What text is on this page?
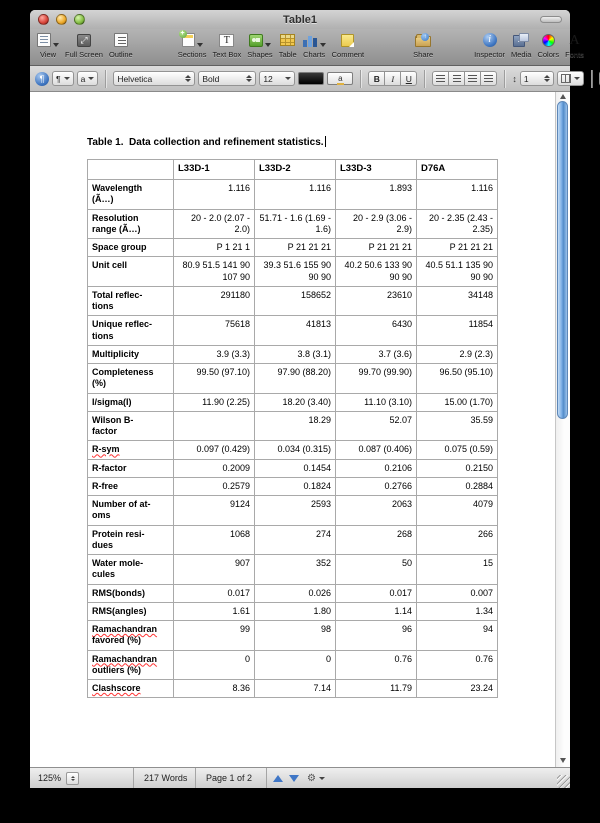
Table1
View
⤢ Full Screen Outline
+	Sections
T Text Box Shapes Table Charts Comment
↑	Share
i	Inspector
♪ Media Colors
A Fonts
¶	¶ a	Helvetica	Bold	12 a	B	I	U	↕ 1
Table 1.  Data collection and refinement statistics.
	L33D-1	L33D-2	L33D-3	D76A
Wavelength
(Ã…)	1.116	1.116	1.893	1.116
Resolution
range (Ã…)	20 - 2.0 (2.07 - 2.0)	51.71 - 1.6 (1.69 - 1.6)	20 - 2.9 (3.06 - 2.9)	20 - 2.35 (2.43 - 2.35)
Space group	P 1 21 1	P 21 21 21	P 21 21 21	P 21 21 21
Unit cell	80.9 51.5 141 90 107 90	39.3 51.6 155 90 90 90	40.2 50.6 133 90 90 90	40.5 51.1 135 90 90 90
Total reflec-
tions	291180	158652	23610	34148
Unique reflec-
tions	75618	41813	6430	11854
Multiplicity	3.9 (3.3)	3.8 (3.1)	3.7 (3.6)	2.9 (2.3)
Completeness
(%)	99.50 (97.10)	97.90 (88.20)	99.70 (99.90)	96.50 (95.10)
I/sigma(I)	11.90 (2.25)	18.20 (3.40)	11.10 (3.10)	15.00 (1.70)
Wilson B-
factor		18.29	52.07	35.59
R-sym	0.097 (0.429)	0.034 (0.315)	0.087 (0.406)	0.075 (0.59)
R-factor	0.2009	0.1454	0.2106	0.2150
R-free	0.2579	0.1824	0.2766	0.2884
Number of at-
oms	9124	2593	2063	4079
Protein resi-
dues	1068	274	268	266
Water mole-
cules	907	352	50	15
RMS(bonds)	0.017	0.026	0.017	0.007
RMS(angles)	1.61	1.80	1.14	1.34
Ramachandran
favored (%)	99	98	96	94
Ramachandran
outliers (%)	0	0	0.76	0.76
Clashscore	8.36	7.14	11.79	23.24
125%	217 Words	Page 1 of 2	⚙
